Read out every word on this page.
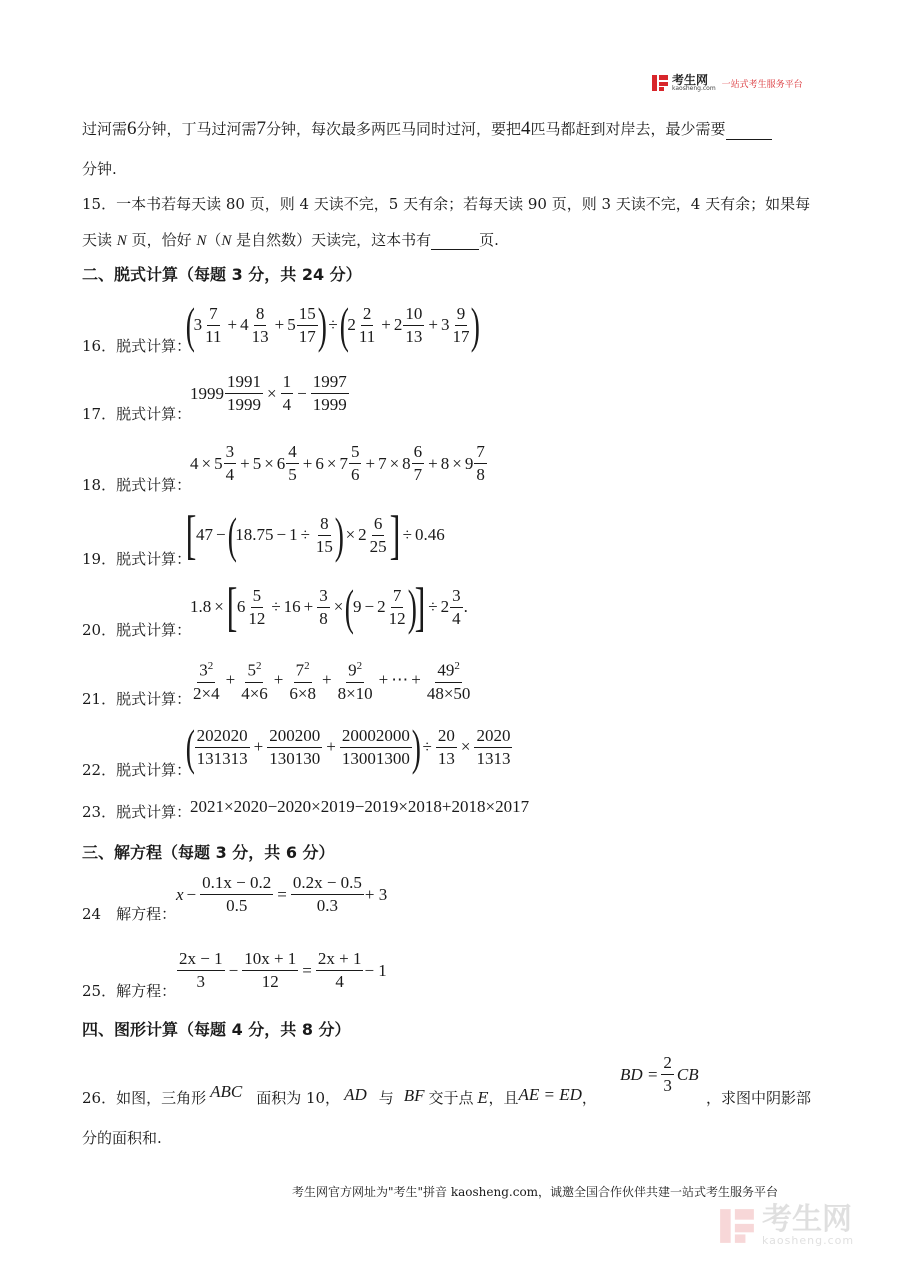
考生网
kaosheng.com 一站式考生服务平台
过河需6分钟，丁马过河需7分钟，每次最多两匹马同时过河，要把4匹马都赶到对岸去，最少需要
分钟.
15．一本书若每天读 80 页，则 4 天读不完，5 天有余；若每天读 90 页，则 3 天读不完，4 天有余；如果每
天读 N 页，恰好 N（N 是自然数）天读完，这本书有	页.
二、脱式计算（每题 3 分，共 24 分）
16．脱式计算：
(
$3 \frac{7}{11} + 4 \frac{8}{13} + 5 \frac{15}{17}$ ) ÷ (
$2 \frac{2}{11} + 2 \frac{10}{13} + 3 \frac{9}{17}$ )
17．脱式计算：
$1999 \frac{1991}{1999} \times \frac{1}{4} - \frac{1997}{1999}$
18．脱式计算：
$4 \times 5 \frac{3}{4} + 5 \times 6 \frac{4}{5} + 6 \times 7 \frac{5}{6} + 7 \times 8 \frac{6}{7} + 8 \times 9 \frac{7}{8}$
19．脱式计算：
[ 47 − (
$18.75 - 1 \div \frac{8}{15}$ ) × $2 \frac{6}{25}$ ] ÷ 0.46
20．脱式计算：
1.8 × [ $6 \frac{5}{12} \div 16 + \frac{3}{8}$ × (
$9 - 2 \frac{7}{12}$ )
] ÷ $2 \frac{3}{4}$ .
21．脱式计算： $\frac{3^2}{2\times 4} + \frac{5^2}{4\times 6} + \frac{7^2}{6\times 8} + \frac{9^2}{8\times 10}$ + ⋯ + $\frac{49^2}{48\times 50}$
22．脱式计算：
( $\frac{202020}{131313} + \frac{200200}{130130} + \frac{20002000}{13001300}$ ) ÷ $\frac{20}{13} \times \frac{2020}{1313}$
23．脱式计算：
2021×2020−2020×2019−2019×2018+2018×2017
三、解方程（每题 3 分，共 6 分）
24　解方程：
$x - \frac{0.1x - 0.2}{0.5} = \frac{0.2x - 0.5}{0.3} + 3$
25．解方程： $\frac{2x - 1}{3} - \frac{10x + 1}{12} = \frac{2x + 1}{4} - 1$
四、图形计算（每题 4 分，共 8 分）
26．如图，三角形 ABC 面积为 10， AD 与 BF 交于点 E ，且 AE = ED ，
BD = $\frac{2}{3}$ CB
，求图中阴影部
分的面积和.
考生网官方网址为"考生"拼音 kaosheng.com，诚邀全国合作伙伴共建一站式考生服务平台
考生网
kaosheng.com
